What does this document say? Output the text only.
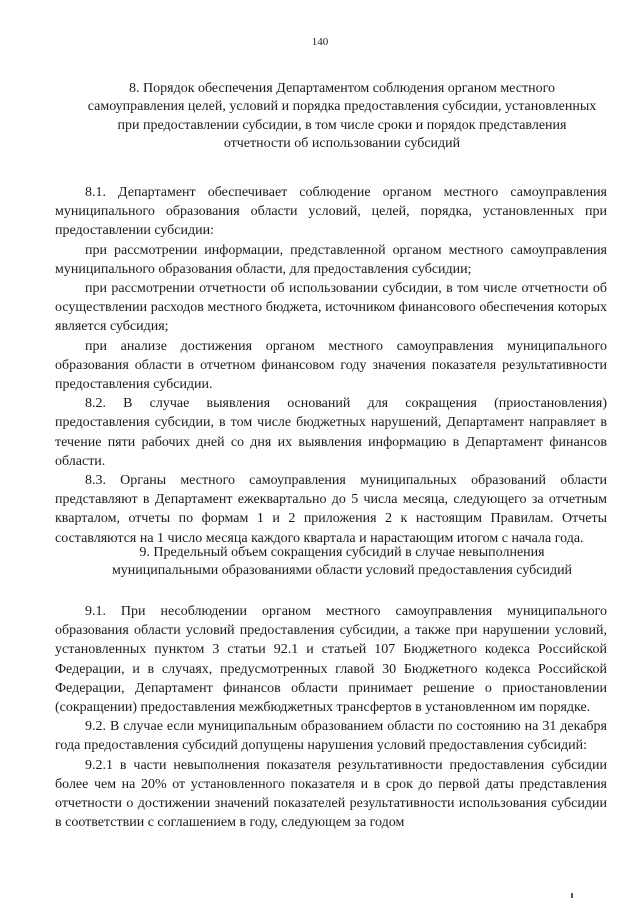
140
8. Порядок обеспечения Департаментом соблюдения органом местного самоуправления целей, условий и порядка предоставления субсидии, установленных при предоставлении субсидии, в том числе сроки и порядок представления отчетности об использовании субсидий

8.1. Департамент обеспечивает соблюдение органом местного самоуправления муниципального образования области условий, целей, порядка, установленных при предоставлении субсидии:

при рассмотрении информации, представленной органом местного самоуправления муниципального образования области, для предоставления субсидии;

при рассмотрении отчетности об использовании субсидии, в том числе отчетности об осуществлении расходов местного бюджета, источником финансового обеспечения которых является субсидия;

при анализе достижения органом местного самоуправления муниципального образования области в отчетном финансовом году значения показателя результативности предоставления субсидии.

8.2. В случае выявления оснований для сокращения (приостановления) предоставления субсидии, в том числе бюджетных нарушений, Департамент направляет в течение пяти рабочих дней со дня их выявления информацию в Департамент финансов области.

8.3. Органы местного самоуправления муниципальных образований области представляют в Департамент ежеквартально до 5 числа месяца, следующего за отчетным кварталом, отчеты по формам 1 и 2 приложения 2 к настоящим Правилам. Отчеты составляются на 1 число месяца каждого квартала и нарастающим итогом с начала года.

9. Предельный объем сокращения субсидий в случае невыполнения муниципальными образованиями области условий предоставления субсидий

9.1. При несоблюдении органом местного самоуправления муниципального образования области условий предоставления субсидии, а также при нарушении условий, установленных пунктом 3 статьи 92.1 и статьей 107 Бюджетного кодекса Российской Федерации, и в случаях, предусмотренных главой 30 Бюджетного кодекса Российской Федерации, Департамент финансов области принимает решение о приостановлении (сокращении) предоставления межбюджетных трансфертов в установленном им порядке.

9.2. В случае если муниципальным образованием области по состоянию на 31 декабря года предоставления субсидий допущены нарушения условий предоставления субсидий:

9.2.1 в части невыполнения показателя результативности предоставления субсидии более чем на 20% от установленного показателя и в срок до первой даты представления отчетности о достижении значений показателей результативности использования субсидии в соответствии с соглашением в году, следующем за годом
